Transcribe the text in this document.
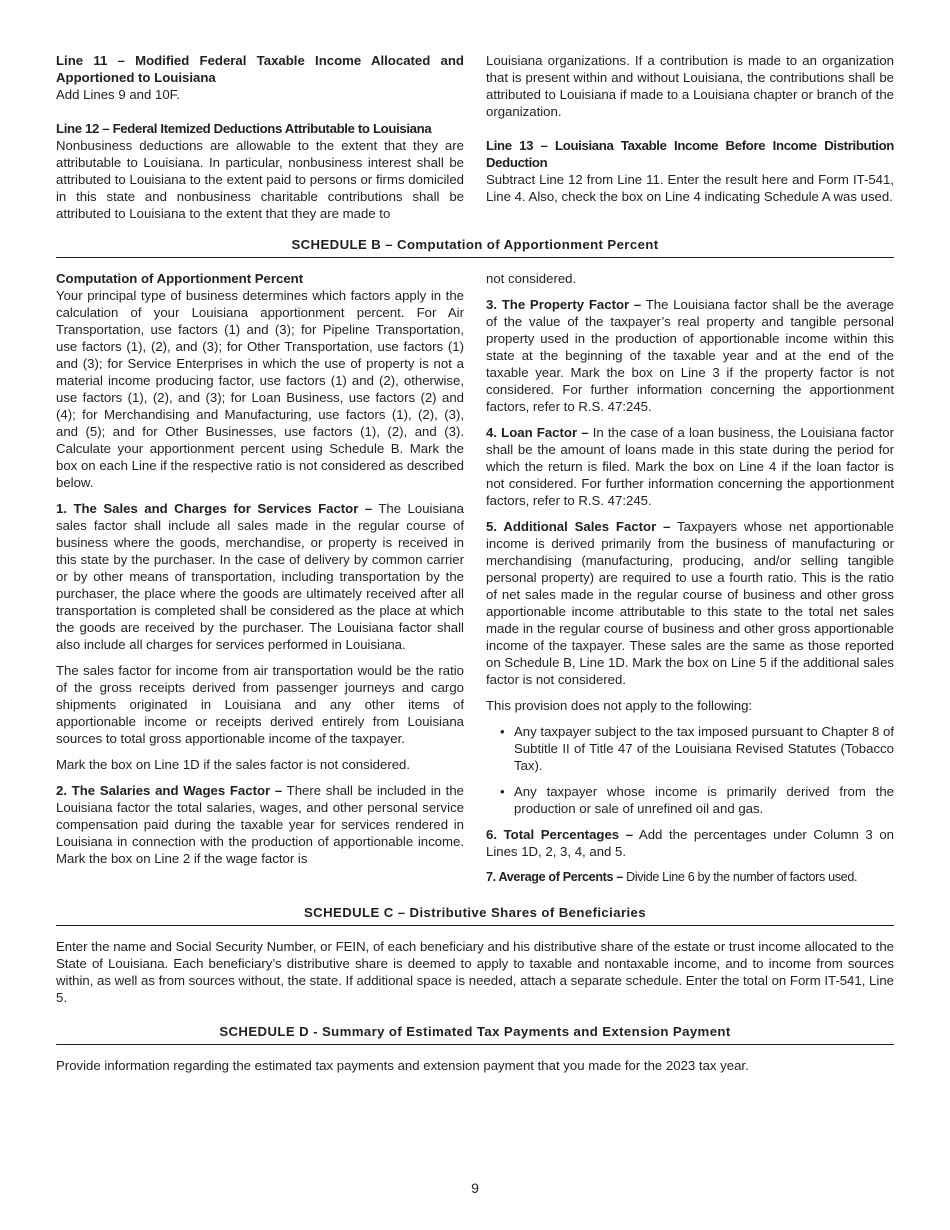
Line 11 – Modified Federal Taxable Income Allocated and Apportioned to Louisiana

Add Lines 9 and 10F.

Line 12 – Federal Itemized Deductions Attributable to Louisiana

Nonbusiness deductions are allowable to the extent that they are attributable to Louisiana. In particular, nonbusiness interest shall be attributed to Louisiana to the extent paid to persons or firms domiciled in this state and nonbusiness charitable contributions shall be attributed to Louisiana to the extent that they are made to

Louisiana organizations. If a contribution is made to an organization that is present within and without Louisiana, the contributions shall be attributed to Louisiana if made to a Louisiana chapter or branch of the organization.

Line 13 – Louisiana Taxable Income Before Income Distribution Deduction

Subtract Line 12 from Line 11. Enter the result here and Form IT-541, Line 4. Also, check the box on Line 4 indicating Schedule A was used.

SCHEDULE B – Computation of Apportionment Percent

Computation of Apportionment Percent

Your principal type of business determines which factors apply in the calculation of your Louisiana apportionment percent. For Air Transportation, use factors (1) and (3); for Pipeline Transportation, use factors (1), (2), and (3); for Other Transportation, use factors (1) and (3); for Service Enterprises in which the use of property is not a material income producing factor, use factors (1) and (2), otherwise, use factors (1), (2), and (3); for Loan Business, use factors (2) and (4); for Merchandising and Manufacturing, use factors (1), (2), (3), and (5); and for Other Businesses, use factors (1), (2), and (3). Calculate your apportionment percent using Schedule B. Mark the box on each Line if the respective ratio is not considered as described below.

1. The Sales and Charges for Services Factor – The Louisiana sales factor shall include all sales made in the regular course of business where the goods, merchandise, or property is received in this state by the purchaser. In the case of delivery by common carrier or by other means of transportation, including transportation by the purchaser, the place where the goods are ultimately received after all transportation is completed shall be considered as the place at which the goods are received by the purchaser. The Louisiana factor shall also include all charges for services performed in Louisiana.

The sales factor for income from air transportation would be the ratio of the gross receipts derived from passenger journeys and cargo shipments originated in Louisiana and any other items of apportionable income or receipts derived entirely from Louisiana sources to total gross apportionable income of the taxpayer.

Mark the box on Line 1D if the sales factor is not considered.

2. The Salaries and Wages Factor – There shall be included in the Louisiana factor the total salaries, wages, and other personal service compensation paid during the taxable year for services rendered in Louisiana in connection with the production of apportionable income. Mark the box on Line 2 if the wage factor is

not considered.

3. The Property Factor – The Louisiana factor shall be the average of the value of the taxpayer’s real property and tangible personal property used in the production of apportionable income within this state at the beginning of the taxable year and at the end of the taxable year. Mark the box on Line 3 if the property factor is not considered. For further information concerning the apportionment factors, refer to R.S. 47:245.

4. Loan Factor – In the case of a loan business, the Louisiana factor shall be the amount of loans made in this state during the period for which the return is filed. Mark the box on Line 4 if the loan factor is not considered. For further information concerning the apportionment factors, refer to R.S. 47:245.

5. Additional Sales Factor – Taxpayers whose net apportionable income is derived primarily from the business of manufacturing or merchandising (manufacturing, producing, and/or selling tangible personal property) are required to use a fourth ratio. This is the ratio of net sales made in the regular course of business and other gross apportionable income attributable to this state to the total net sales made in the regular course of business and other gross apportionable income of the taxpayer. These sales are the same as those reported on Schedule B, Line 1D. Mark the box on Line 5 if the additional sales factor is not considered.

This provision does not apply to the following:

• Any taxpayer subject to the tax imposed pursuant to Chapter 8 of Subtitle II of Title 47 of the Louisiana Revised Statutes (Tobacco Tax).
• Any taxpayer whose income is primarily derived from the production or sale of unrefined oil and gas.

6. Total Percentages – Add the percentages under Column 3 on Lines 1D, 2, 3, 4, and 5.

7. Average of Percents – Divide Line 6 by the number of factors used.

SCHEDULE C – Distributive Shares of Beneficiaries

Enter the name and Social Security Number, or FEIN, of each beneficiary and his distributive share of the estate or trust income allocated to the State of Louisiana. Each beneficiary’s distributive share is deemed to apply to taxable and nontaxable income, and to income from sources within, as well as from sources without, the state. If additional space is needed, attach a separate schedule. Enter the total on Form IT-541, Line 5.

SCHEDULE D - Summary of Estimated Tax Payments and Extension Payment

Provide information regarding the estimated tax payments and extension payment that you made for the 2023 tax year.

9
